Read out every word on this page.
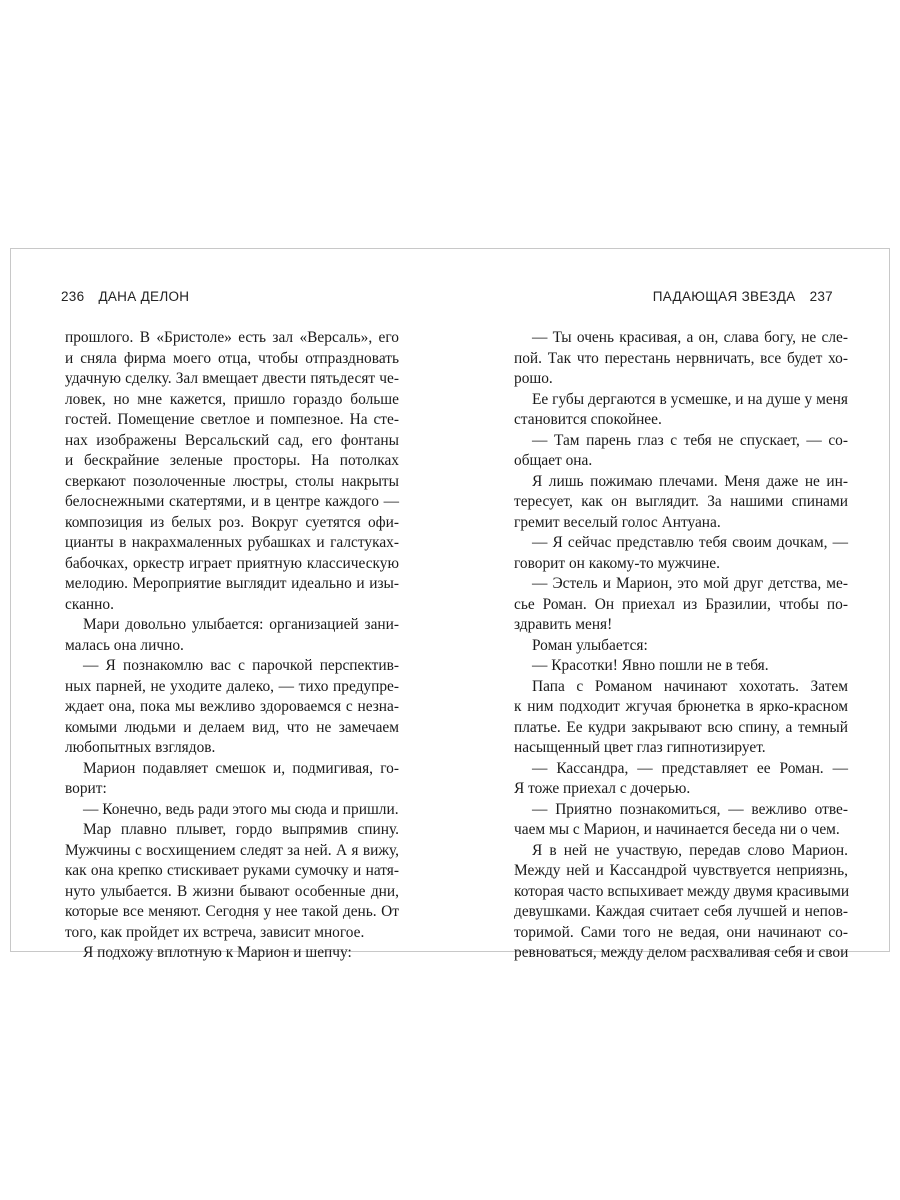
236 ДАНА ДЕЛОН
прошлого. В «Бристоле» есть зал «Версаль», его
и сняла фирма моего отца, чтобы отпраздновать
удачную сделку. Зал вмещает двести пятьдесят че-
ловек, но мне кажется, пришло гораздо больше
гостей. Помещение светлое и помпезное. На сте-
нах изображены Версальский сад, его фонтаны
и бескрайние зеленые просторы. На потолках
сверкают позолоченные люстры, столы накрыты
белоснежными скатертями, и в центре каждого —
композиция из белых роз. Вокруг суетятся офи-
цианты в накрахмаленных рубашках и галстуках-
бабочках, оркестр играет приятную классическую
мелодию. Мероприятие выглядит идеально и изы-
сканно.
Мари довольно улыбается: организацией зани-
малась она лично.
— Я познакомлю вас с парочкой перспектив-
ных парней, не уходите далеко, — тихо предупре-
ждает она, пока мы вежливо здороваемся с незна-
комыми людьми и делаем вид, что не замечаем
любопытных взглядов.
Марион подавляет смешок и, подмигивая, го-
ворит:
— Конечно, ведь ради этого мы сюда и пришли.
Мар плавно плывет, гордо выпрямив спину.
Мужчины с восхищением следят за ней. А я вижу,
как она крепко стискивает руками сумочку и натя-
нуто улыбается. В жизни бывают особенные дни,
которые все меняют. Сегодня у нее такой день. От
того, как пройдет их встреча, зависит многое.
Я подхожу вплотную к Марион и шепчу:
ПАДАЮЩАЯ ЗВЕЗДА 237
— Ты очень красивая, а он, слава богу, не сле-
пой. Так что перестань нервничать, все будет хо-
рошо.
Ее губы дергаются в усмешке, и на душе у меня
становится спокойнее.
— Там парень глаз с тебя не спускает, — со-
общает она.
Я лишь пожимаю плечами. Меня даже не ин-
тересует, как он выглядит. За нашими спинами
гремит веселый голос Антуана.
— Я сейчас представлю тебя своим дочкам, —
говорит он какому-то мужчине.
— Эстель и Марион, это мой друг детства, ме-
сье Роман. Он приехал из Бразилии, чтобы по-
здравить меня!
Роман улыбается:
— Красотки! Явно пошли не в тебя.
Папа с Романом начинают хохотать. Затем
к ним подходит жгучая брюнетка в ярко-красном
платье. Ее кудри закрывают всю спину, а темный
насыщенный цвет глаз гипнотизирует.
— Кассандра, — представляет ее Роман. —
Я тоже приехал с дочерью.
— Приятно познакомиться, — вежливо отве-
чаем мы с Марион, и начинается беседа ни о чем.
Я в ней не участвую, передав слово Марион.
Между ней и Кассандрой чувствуется неприязнь,
которая часто вспыхивает между двумя красивыми
девушками. Каждая считает себя лучшей и непов-
торимой. Сами того не ведая, они начинают со-
ревноваться, между делом расхваливая себя и свои
